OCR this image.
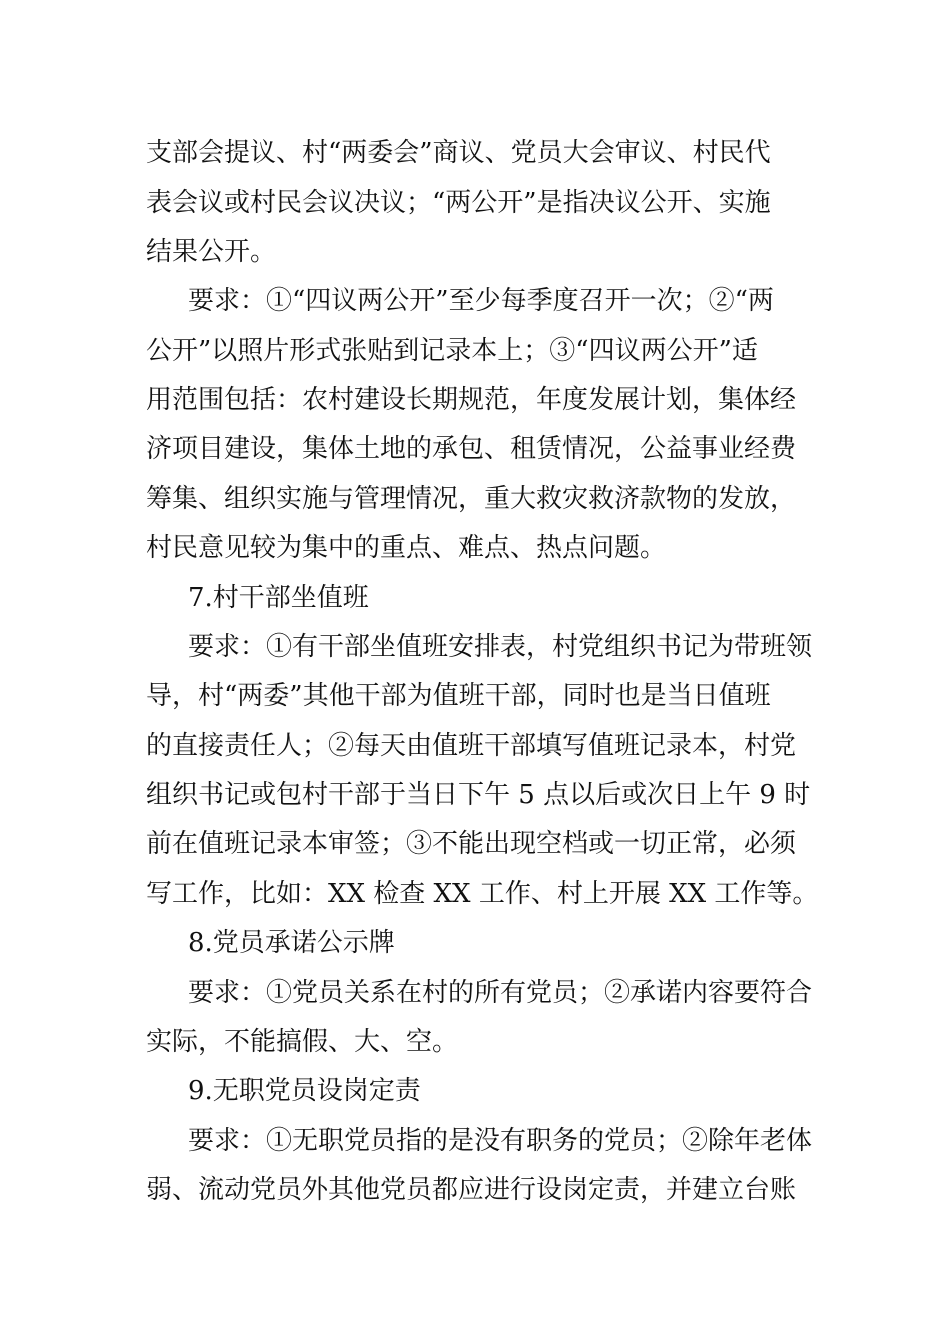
支部会提议、村“两委会”商议、党员大会审议、村民代
表会议或村民会议决议；“两公开”是指决议公开、实施
结果公开。
要求：①“四议两公开”至少每季度召开一次；②“两
公开”以照片形式张贴到记录本上；③“四议两公开”适
用范围包括：农村建设长期规范，年度发展计划，集体经
济项目建设，集体土地的承包、租赁情况，公益事业经费
筹集、组织实施与管理情况，重大救灾救济款物的发放，
村民意见较为集中的重点、难点、热点问题。
7.村干部坐值班
要求：①有干部坐值班安排表，村党组织书记为带班领
导，村“两委”其他干部为值班干部，同时也是当日值班
的直接责任人；②每天由值班干部填写值班记录本，村党
组织书记或包村干部于当日下午 5 点以后或次日上午 9 时
前在值班记录本审签；③不能出现空档或一切正常，必须
写工作，比如：XX 检查 XX 工作、村上开展 XX 工作等。
8.党员承诺公示牌
要求：①党员关系在村的所有党员；②承诺内容要符合
实际，不能搞假、大、空。
9.无职党员设岗定责
要求：①无职党员指的是没有职务的党员；②除年老体
弱、流动党员外其他党员都应进行设岗定责，并建立台账
